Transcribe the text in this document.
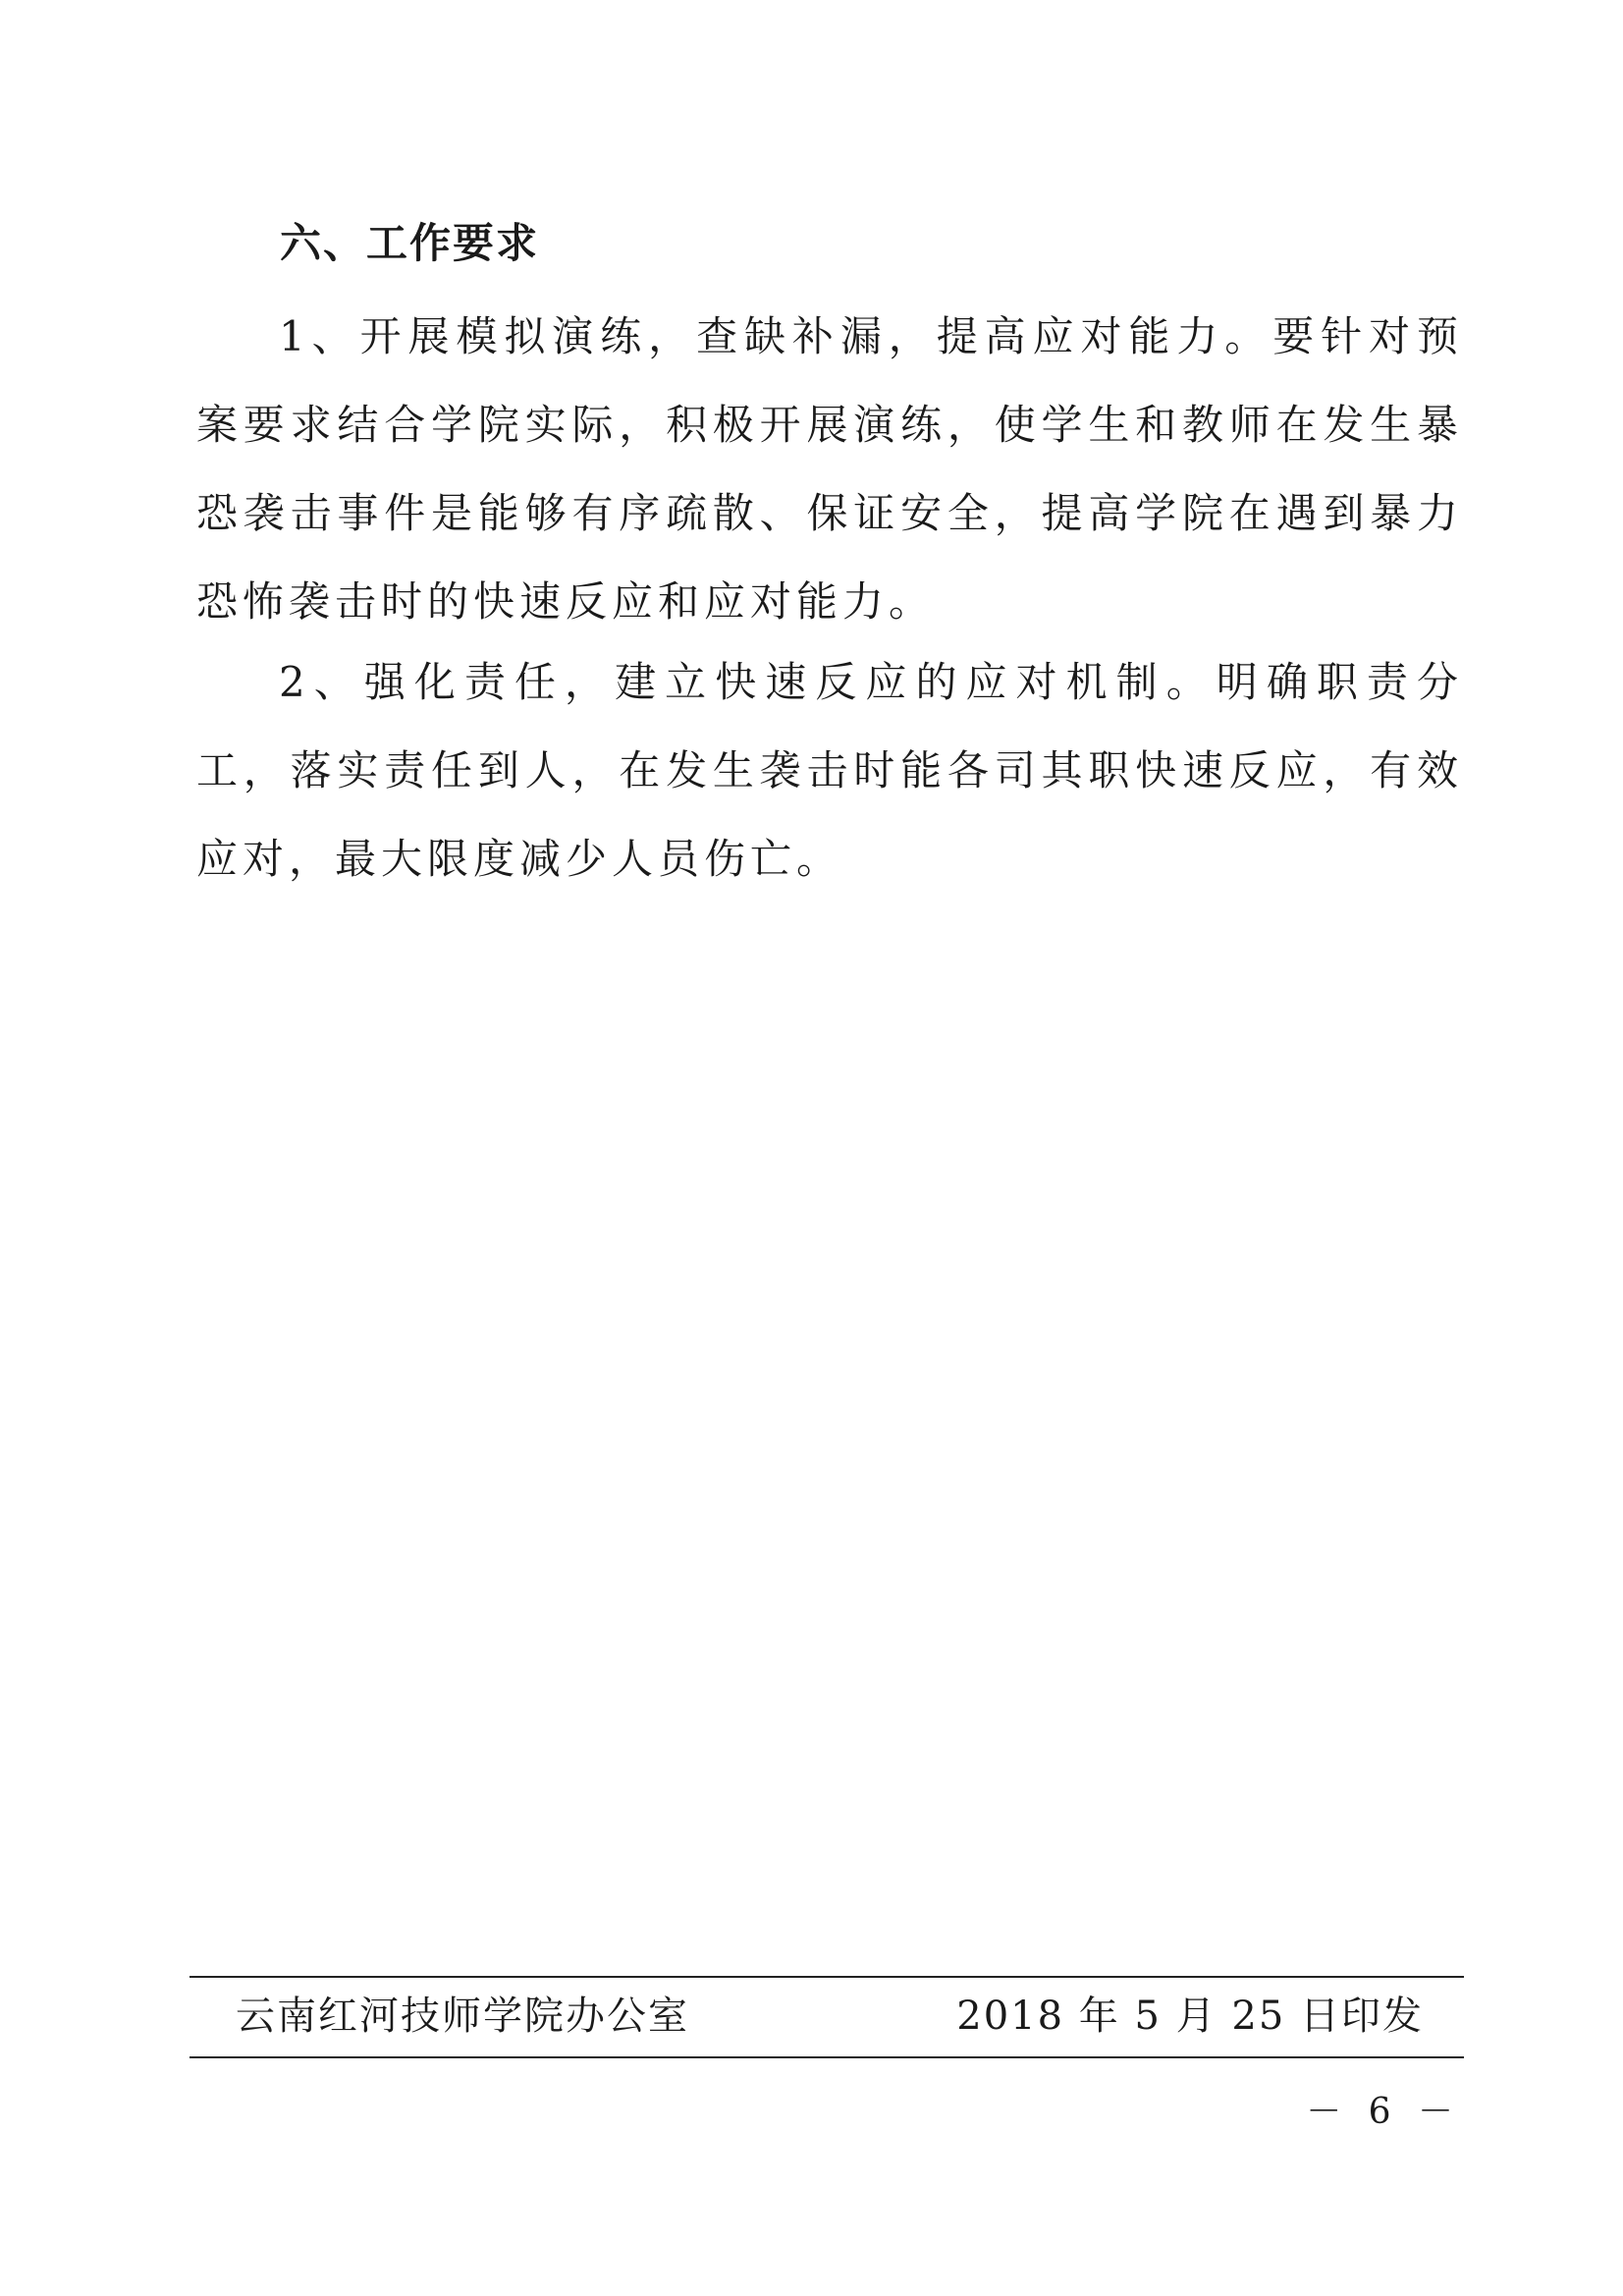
六、工作要求

1、开展模拟演练，查缺补漏，提高应对能力。要针对预案要求结合学院实际，积极开展演练，使学生和教师在发生暴恐袭击事件是能够有序疏散、保证安全，提高学院在遇到暴力恐怖袭击时的快速反应和应对能力。

2、强化责任，建立快速反应的应对机制。明确职责分工，落实责任到人，在发生袭击时能各司其职快速反应，有效应对，最大限度减少人员伤亡。

云南红河技师学院办公室	2018 年 5 月 25 日印发

－ 6 －
